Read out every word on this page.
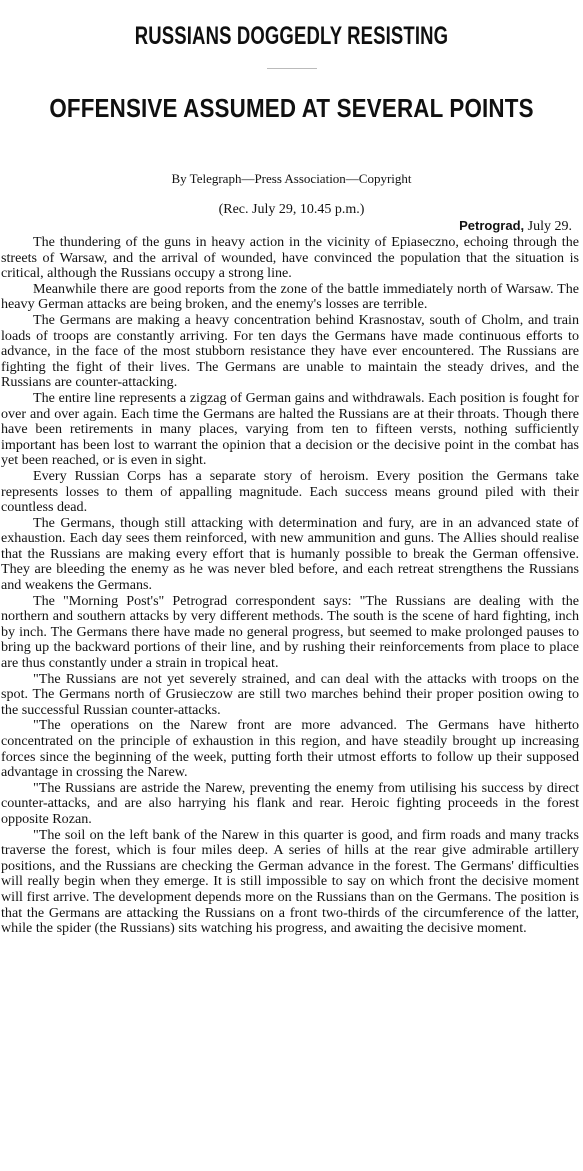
RUSSIANS DOGGEDLY RESISTING
OFFENSIVE ASSUMED AT SEVERAL POINTS
By Telegraph—Press Association—Copyright
(Rec. July 29, 10.45 p.m.)
Petrograd, July 29.

The thundering of the guns in heavy action in the vicinity of Epiaseczno, echoing through the streets of Warsaw, and the arrival of wounded, have convinced the population that the situation is critical, although the Russians occupy a strong line.

Meanwhile there are good reports from the zone of the battle immediately north of Warsaw. The heavy German attacks are being broken, and the enemy's losses are terrible.

The Germans are making a heavy concentration behind Krasnostav, south of Cholm, and train loads of troops are constantly arriving. For ten days the Germans have made continuous efforts to advance, in the face of the most stubborn resistance they have ever encountered. The Russians are fighting the fight of their lives. The Germans are unable to maintain the steady drives, and the Russians are counter-attacking.

The entire line represents a zigzag of German gains and withdrawals. Each position is fought for over and over again. Each time the Germans are halted the Russians are at their throats. Though there have been retirements in many places, varying from ten to fifteen versts, nothing sufficiently important has been lost to warrant the opinion that a decision or the decisive point in the combat has yet been reached, or is even in sight.

Every Russian Corps has a separate story of heroism. Every position the Germans take represents losses to them of appalling magnitude. Each success means ground piled with their countless dead.

The Germans, though still attacking with determination and fury, are in an advanced state of exhaustion. Each day sees them reinforced, with new ammunition and guns. The Allies should realise that the Russians are making every effort that is humanly possible to break the German offensive. They are bleeding the enemy as he was never bled before, and each retreat strengthens the Russians and weakens the Germans.

The "Morning Post's" Petrograd correspondent says: "The Russians are dealing with the northern and southern attacks by very different methods. The south is the scene of hard fighting, inch by inch. The Germans there have made no general progress, but seemed to make prolonged pauses to bring up the backward portions of their line, and by rushing their reinforcements from place to place are thus constantly under a strain in tropical heat.

"The Russians are not yet severely strained, and can deal with the attacks with troops on the spot. The Germans north of Grusieczow are still two marches behind their proper position owing to the successful Russian counter-attacks.

"The operations on the Narew front are more advanced. The Germans have hitherto concentrated on the principle of exhaustion in this region, and have steadily brought up increasing forces since the beginning of the week, putting forth their utmost efforts to follow up their supposed advantage in crossing the Narew.

"The Russians are astride the Narew, preventing the enemy from utilising his success by direct counter-attacks, and are also harrying his flank and rear. Heroic fighting proceeds in the forest opposite Rozan.

"The soil on the left bank of the Narew in this quarter is good, and firm roads and many tracks traverse the forest, which is four miles deep. A series of hills at the rear give admirable artillery positions, and the Russians are checking the German advance in the forest. The Germans' difficulties will really begin when they emerge. It is still impossible to say on which front the decisive moment will first arrive. The development depends more on the Russians than on the Germans. The position is that the Germans are attacking the Russians on a front two-thirds of the circumference of the latter, while the spider (the Russians) sits watching his progress, and awaiting the decisive moment.
